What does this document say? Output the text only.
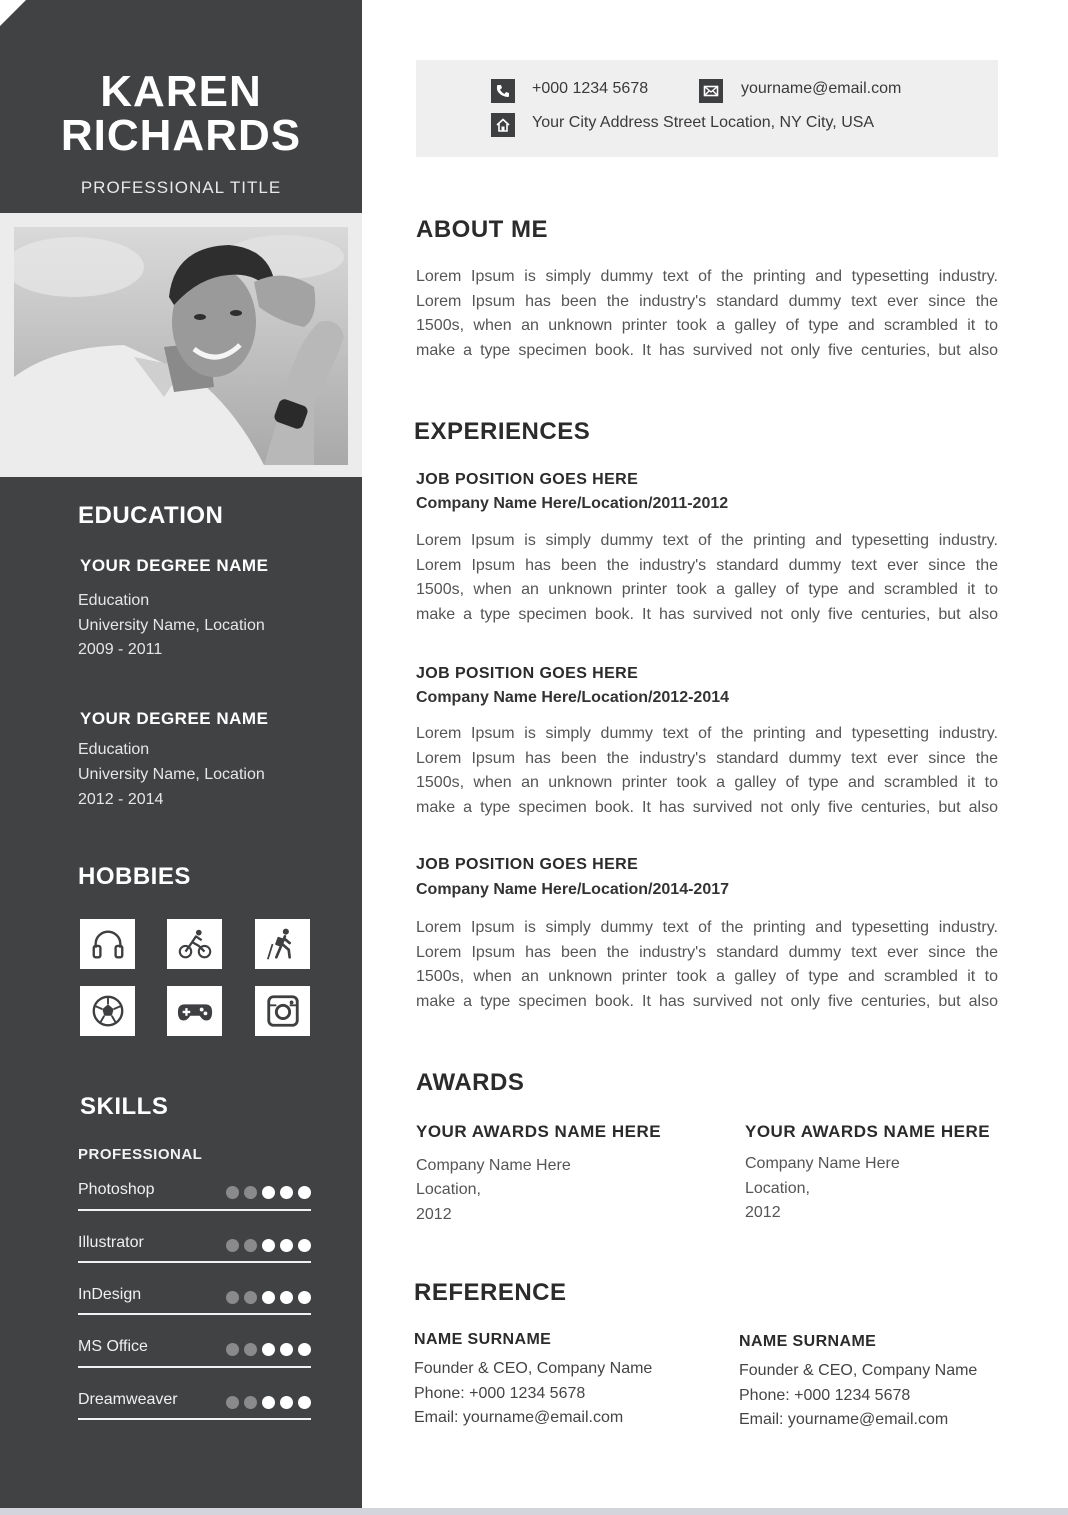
KAREN
RICHARDS
PROFESSIONAL TITLE
EDUCATION
YOUR DEGREE NAME
Education
University Name, Location
2009 - 2011
YOUR DEGREE NAME
Education
University Name, Location
2012 - 2014
HOBBIES
SKILLS
PROFESSIONAL
Photoshop
Illustrator
InDesign
MS Office
Dreamweaver
+000 1234 5678	yourname@email.com
Your City Address Street Location, NY City, USA
ABOUT ME
Lorem Ipsum is simply dummy text of the printing and typesetting industry.
Lorem Ipsum has been the industry's standard dummy text ever since the
1500s, when an unknown printer took a galley of type and scrambled it to
make a type specimen book. It has survived not only five centuries, but also
EXPERIENCES
JOB POSITION GOES HERE
Company Name Here/Location/2011-2012
Lorem Ipsum is simply dummy text of the printing and typesetting industry.
Lorem Ipsum has been the industry's standard dummy text ever since the
1500s, when an unknown printer took a galley of type and scrambled it to
make a type specimen book. It has survived not only five centuries, but also
JOB POSITION GOES HERE
Company Name Here/Location/2012-2014
Lorem Ipsum is simply dummy text of the printing and typesetting industry.
Lorem Ipsum has been the industry's standard dummy text ever since the
1500s, when an unknown printer took a galley of type and scrambled it to
make a type specimen book. It has survived not only five centuries, but also
JOB POSITION GOES HERE
Company Name Here/Location/2014-2017
Lorem Ipsum is simply dummy text of the printing and typesetting industry.
Lorem Ipsum has been the industry's standard dummy text ever since the
1500s, when an unknown printer took a galley of type and scrambled it to
make a type specimen book. It has survived not only five centuries, but also
AWARDS
YOUR AWARDS NAME HERE
Company Name Here
Location,
2012
YOUR AWARDS NAME HERE
Company Name Here
Location,
2012
REFERENCE
NAME SURNAME
Founder & CEO, Company Name
Phone: +000 1234 5678
Email: yourname@email.com
NAME SURNAME
Founder & CEO, Company Name
Phone: +000 1234 5678
Email: yourname@email.com
